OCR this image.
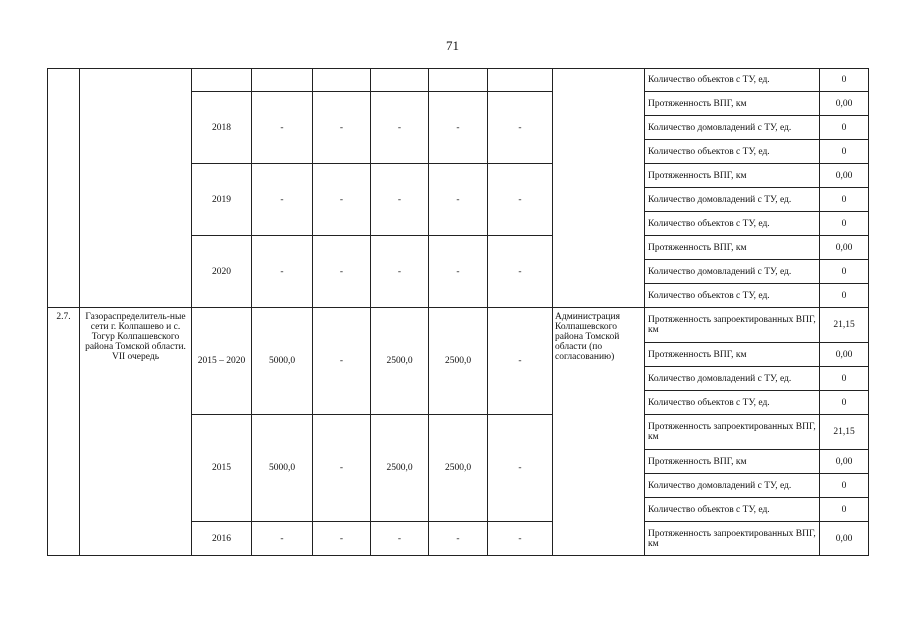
71
									Количество объектов с ТУ, ед.	0
		2018	-	-	-	-	-		Протяженность ВПГ, км	0,00
									Количество домовладений с ТУ, ед.	0
									Количество объектов с ТУ, ед.	0
		2019	-	-	-	-	-		Протяженность ВПГ, км	0,00
									Количество домовладений с ТУ, ед.	0
									Количество объектов с ТУ, ед.	0
		2020	-	-	-	-	-		Протяженность ВПГ, км	0,00
									Количество домовладений с ТУ, ед.	0
									Количество объектов с ТУ, ед.	0
2.7.	Газораспределитель-ные сети г. Колпашево и с. Тогур Колпашевского района Томской области. VII очередь	2015 – 2020	5000,0	-	2500,0	2500,0	-	Администрация Колпашевского района Томской области (по согласованию)	Протяженность запроектированных ВПГ, км	21,15
									Протяженность ВПГ, км	0,00
									Количество домовладений с ТУ, ед.	0
									Количество объектов с ТУ, ед.	0
		2015	5000,0	-	2500,0	2500,0	-		Протяженность запроектированных ВПГ, км	21,15
									Протяженность ВПГ, км	0,00
									Количество домовладений с ТУ, ед.	0
									Количество объектов с ТУ, ед.	0
		2016	-	-	-	-	-		Протяженность запроектированных ВПГ, км	0,00
